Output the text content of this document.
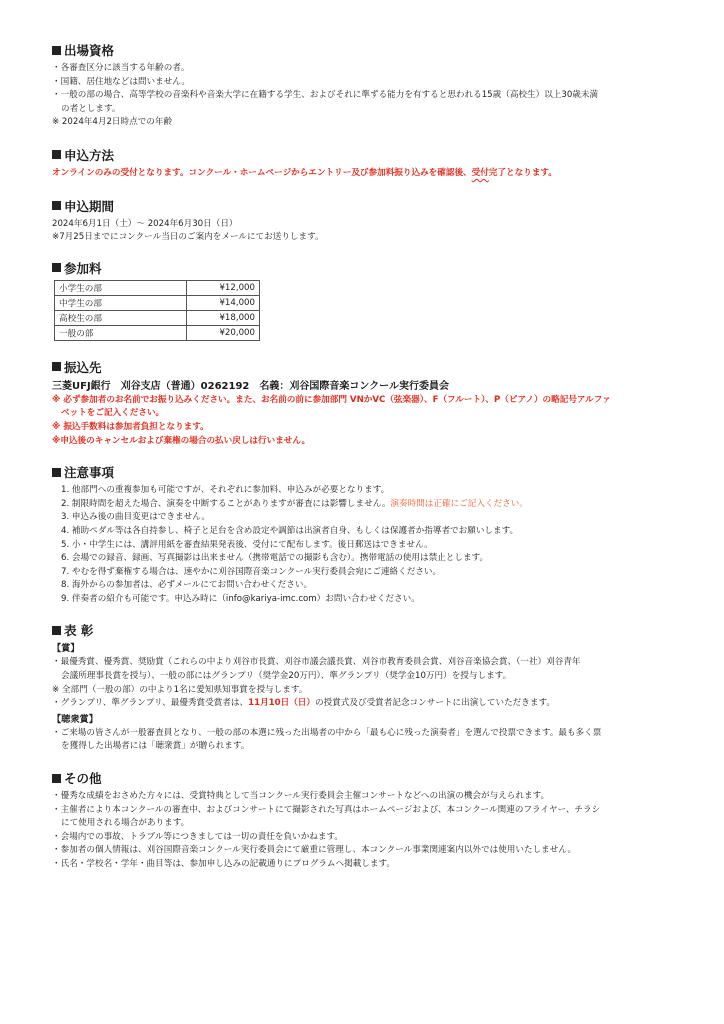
出場資格
・各審査区分に該当する年齢の者。
・国籍、居住地などは問いません。
・一般の部の場合、高等学校の音楽科や音楽大学に在籍する学生、およびそれに準ずる能力を有すると思われる15歳（高校生）以上30歳未満
の者とします。
※ 2024年4月2日時点での年齢
申込方法
オンラインのみの受付となります。コンクール・ホームページからエントリー及び参加料振り込みを確認後、受付完了となります。
申込期間
2024年6月1日（土）～ 2024年6月30日（日）
※7月25日までにコンクール当日のご案内をメールにてお送りします。
参加料
小学生の部	¥12,000
中学生の部	¥14,000
高校生の部	¥18,000
一般の部	¥20,000
振込先
三菱UFJ銀行　刈谷支店（普通）0262192　名義：刈谷国際音楽コンクール実行委員会
※ 必ず参加者のお名前でお振り込みください。また、お名前の前に参加部門 VNかVC（弦楽器）、F（フルート）、P（ピアノ）の略記号アルファ
ベットをご記入ください。
※ 振込手数料は参加者負担となります。
※申込後のキャンセルおよび棄権の場合の払い戻しは行いません。
注意事項
1. 他部門への重複参加も可能ですが、それぞれに参加料、申込みが必要となります。
2. 制限時間を超えた場合、演奏を中断することがありますが審査には影響しません。演奏時間は正確にご記入ください。
3. 申込み後の曲目変更はできません。
4. 補助ペダル等は各自持参し、椅子と足台を含め設定や調節は出演者自身、もしくは保護者か指導者でお願いします。
5. 小・中学生には、講評用紙を審査結果発表後、受付にて配布します。後日郵送はできません。
6. 会場での録音、録画、写真撮影は出来ません（携帯電話での撮影も含む）。携帯電話の使用は禁止とします。
7. やむを得ず棄権する場合は、速やかに刈谷国際音楽コンクール実行委員会宛にご連絡ください。
8. 海外からの参加者は、必ずメールにてお問い合わせください。
9. 伴奏者の紹介も可能です。申込み時に（info@kariya-imc.com）お問い合わせください。
表 彰
【賞】
・最優秀賞、優秀賞、奨励賞（これらの中より刈谷市長賞、刈谷市議会議長賞、刈谷市教育委員会賞、刈谷音楽協会賞、（一社）刈谷青年
会議所理事長賞を授与）、一般の部にはグランプリ（奨学金20万円）、準グランプリ（奨学金10万円）を授与します。
※ 全部門（一般の部）の中より1名に愛知県知事賞を授与します。
・グランプリ、準グランプリ、最優秀賞受賞者は、11月10日（日）の授賞式及び受賞者記念コンサートに出演していただきます。
【聴衆賞】
・ご来場の皆さんが一般審査員となり、一般の部の本選に残った出場者の中から「最も心に残った演奏者」を選んで投票できます。最も多く票
を獲得した出場者には「聴衆賞」が贈られます。
その他
・優秀な成績をおさめた方々には、受賞特典として当コンクール実行委員会主催コンサートなどへの出演の機会が与えられます。
・主催者により本コンクールの審査中、およびコンサートにて撮影された写真はホームページおよび、本コンクール関連のフライヤー、チラシ
にて使用される場合があります。
・会場内での事故、トラブル等につきましては一切の責任を負いかねます。
・参加者の個人情報は、刈谷国際音楽コンクール実行委員会にて厳重に管理し、本コンクール事業関連案内以外では使用いたしません。
・氏名・学校名・学年・曲目等は、参加申し込みの記載通りにプログラムへ掲載します。
